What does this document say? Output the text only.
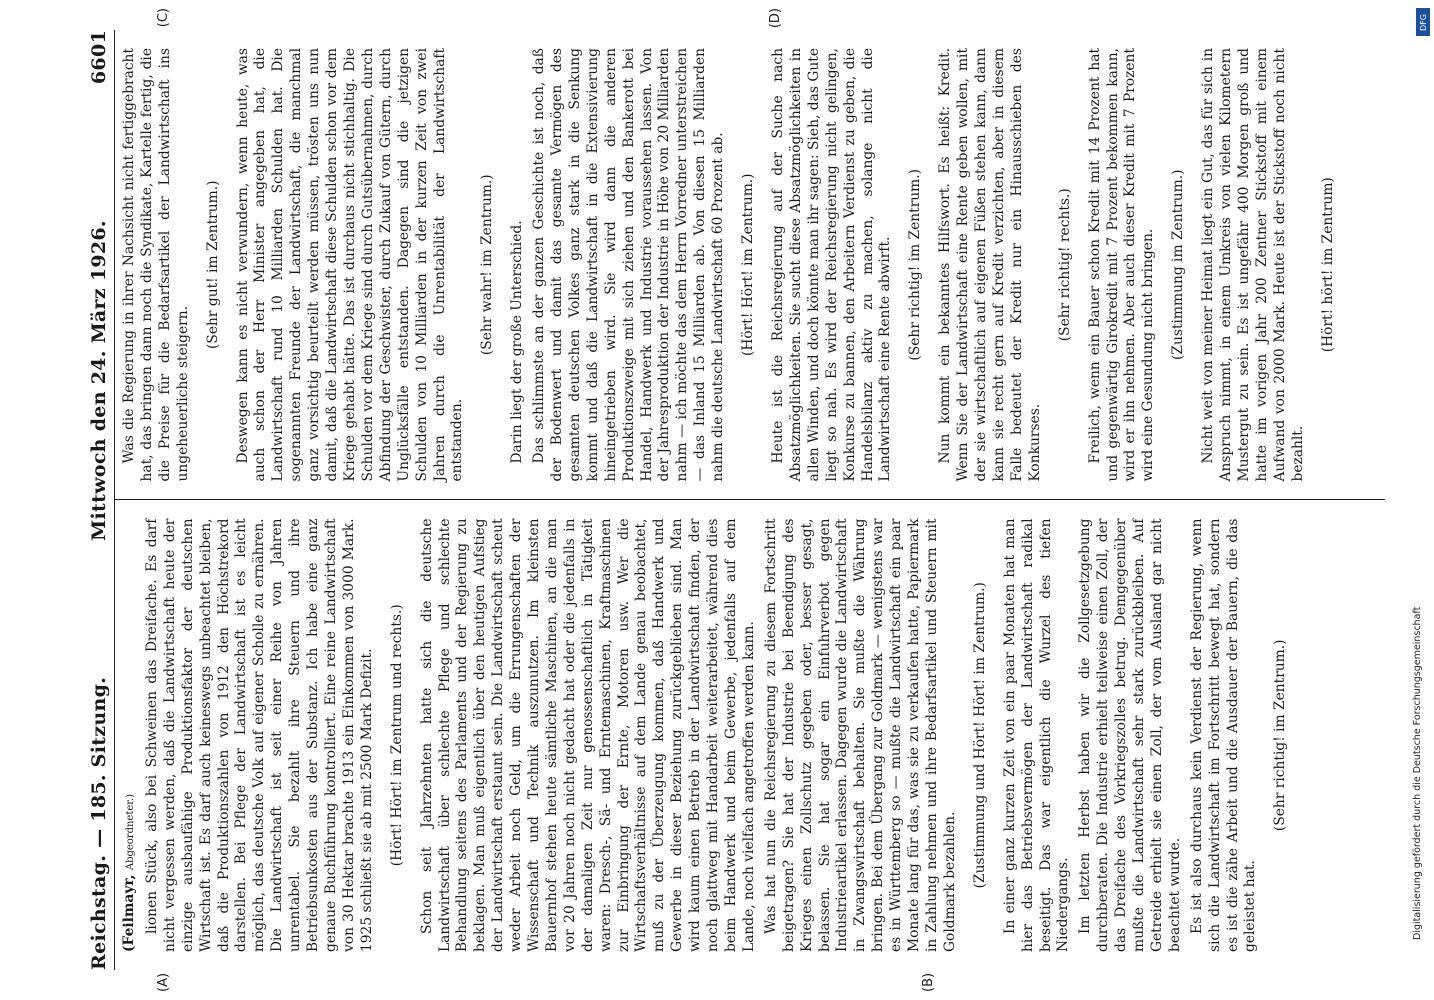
Reichstag. — 185. Sitzung.
Mittwoch den 24. März 1926.
6601
(A)	(B)

(Feilmayr, Abgeordneter.) lionen Stück, also bei Schweinen das Dreifache. Es darf nicht vergessen werden, daß die Landwirtschaft heute der einzige ausbaufähige Produktionsfaktor der deutschen Wirtschaft ist. Es darf auch keineswegs unbeachtet bleiben, daß die Produktionszahlen von 1912 den Höchstrekord darstellen. Bei Pflege der Landwirtschaft ist es leicht möglich, das deutsche Volk auf eigener Scholle zu ernähren. Die Landwirtschaft ist seit einer Reihe von Jahren unrentabel. Sie bezahlt ihre Steuern und ihre Betriebsunkosten aus der Substanz. Ich habe eine ganz genaue Buchführung kontrolliert. Eine reine Landwirtschaft von 30 Hektar brachte 1913 ein Einkommen von 3000 Mark. 1925 schließt sie ab mit 2500 Mark Defizit. (Hört! Hört! im Zentrum und rechts.) Schon seit Jahrzehnten hatte sich die deutsche Landwirtschaft über schlechte Pflege und schlechte Behandlung seitens des Parlaments und der Regierung zu beklagen. Man muß eigentlich über den heutigen Aufstieg der Landwirtschaft erstaunt sein. Die Landwirtschaft scheut weder Arbeit noch Geld, um die Errungenschaften der Wissenschaft und Technik auszunutzen. Im kleinsten Bauernhof stehen heute sämtliche Maschinen, an die man vor 20 Jahren noch nicht gedacht hat oder die jedenfalls in der damaligen Zeit nur genossenschaftlich in Tätigkeit waren: Dresch-, Sä- und Erntemaschinen, Kraftmaschinen zur Einbringung der Ernte, Motoren usw. Wer die Wirtschaftsverhältnisse auf dem Lande genau beobachtet, muß zu der Überzeugung kommen, daß Handwerk und Gewerbe in dieser Beziehung zurückgeblieben sind. Man wird kaum einen Betrieb in der Landwirtschaft finden, der noch glattweg mit Handarbeit weiterarbeitet, während dies beim Handwerk und beim Gewerbe, jedenfalls auf dem Lande, noch vielfach angetroffen werden kann. Was hat nun die Reichsregierung zu diesem Fortschritt beigetragen? Sie hat der Industrie bei Beendigung des Krieges einen Zollschutz gegeben oder, besser gesagt, belassen. Sie hat sogar ein Einfuhrverbot gegen Industrieartikel erlassen. Dagegen wurde die Landwirtschaft in Zwangswirtschaft behalten. Sie mußte die Währung bringen. Bei dem Übergang zur Goldmark — wenigstens war es in Württemberg so — mußte die Landwirtschaft ein paar Monate lang für das, was sie zu verkaufen hatte, Papiermark in Zahlung nehmen und ihre Bedarfsartikel und Steuern mit Goldmark bezahlen. (Zustimmung und Hört! Hört! im Zentrum.) In einer ganz kurzen Zeit von ein paar Monaten hat man hier das Betriebsvermögen der Landwirtschaft radikal beseitigt. Das war eigentlich die Wurzel des tiefen Niedergangs. Im letzten Herbst haben wir die Zollgesetzgebung durchberaten. Die Industrie erhielt teilweise einen Zoll, der das Dreifache des Vorkriegszolles betrug. Demgegenüber mußte die Landwirtschaft sehr stark zurückbleiben. Auf Getreide erhielt sie einen Zoll, der vom Ausland gar nicht beachtet wurde. Es ist also durchaus kein Verdienst der Regierung, wenn sich die Landwirtschaft im Fortschritt bewegt hat, sondern es ist die zähe Arbeit und die Ausdauer der Bauern, die das geleistet hat.

(Sehr richtig! im Zentrum.)

(C)	(D)

Was die Regierung in ihrer Nachsicht nicht fertiggebracht hat, das bringen dann noch die Syndikate, Kartelle fertig, die die Preise für die Bedarfsartikel der Landwirtschaft ins ungeheuerliche steigern.

(Sehr gut! im Zentrum.) Deswegen kann es nicht verwundern, wenn heute, was auch schon der Herr Minister angegeben hat, die Landwirtschaft rund 10 Milliarden Schulden hat. Die sogenannten Freunde der Landwirtschaft, die manchmal ganz vorsichtig beurteilt werden müssen, trösten uns nun damit, daß die Landwirtschaft diese Schulden schon vor dem Kriege gehabt hätte. Das ist durchaus nicht stichhaltig. Die Schulden vor dem Kriege sind durch Gutsübernahmen, durch Abfindung der Geschwister, durch Zukauf von Gütern, durch Unglücksfälle entstanden. Dagegen sind die jetzigen Schulden von 10 Milliarden in der kurzen Zeit von zwei Jahren durch die Unrentabilität der Landwirtschaft entstanden.

(Sehr wahr! im Zentrum.) Darin liegt der große Unterschied. Das schlimmste an der ganzen Geschichte ist noch, daß der Bodenwert und damit das gesamte Vermögen des gesamten deutschen Volkes ganz stark in die Senkung kommt und daß die Landwirtschaft in die Extensivierung hineingetrieben wird. Sie wird dann die anderen Produktionszweige mit sich ziehen und den Bankerott bei Handel, Handwerk und Industrie voraussehen lassen. Von der Jahresproduktion der Industrie in Höhe von 20 Milliarden nahm — ich möchte das dem Herrn Vorredner unterstreichen — das Inland 15 Milliarden ab. Von diesen 15 Milliarden nahm die deutsche Landwirtschaft 60 Prozent ab. (Hört! Hört! im Zentrum.) Heute ist die Reichsregierung auf der Suche nach Absatzmöglichkeiten. Sie sucht diese Absatzmöglichkeiten in allen Winden, und doch könnte man ihr sagen: Sieh, das Gute liegt so nah. Es wird der Reichsregierung nicht gelingen, Konkurse zu bannen, den Arbeitern Verdienst zu geben, die Handelsbilanz aktiv zu machen, solange nicht die Landwirtschaft eine Rente abwirft. (Sehr richtig! im Zentrum.) Nun kommt ein bekanntes Hilfswort. Es heißt: Kredit. Wenn Sie der Landwirtschaft eine Rente geben wollen, mit der sie wirtschaftlich auf eigenen Füßen stehen kann, dann kann sie recht gern auf Kredit verzichten, aber in diesem Falle bedeutet der Kredit nur ein Hinausschieben des Konkurses.

(Sehr richtig! rechts.) Freilich, wenn ein Bauer schon Kredit mit 14 Prozent hat und gegenwärtig Girokredit mit 7 Prozent bekommen kann, wird er ihn nehmen. Aber auch dieser Kredit mit 7 Prozent wird eine Gesundung nicht bringen. (Zustimmung im Zentrum.) Nicht weit von meiner Heimat liegt ein Gut, das für sich in Anspruch nimmt, in einem Umkreis von vielen Kilometern Mustergut zu sein. Es ist ungefähr 400 Morgen groß und hatte im vorigen Jahr 200 Zentner Stickstoff mit einem Aufwand von 2000 Mark. Heute ist der Stickstoff noch nicht bezahlt.

(Hört! hört! im Zentrum)

Digitalisierung gefördert durch die Deutsche Forschungsgemeinschaft
DFG
